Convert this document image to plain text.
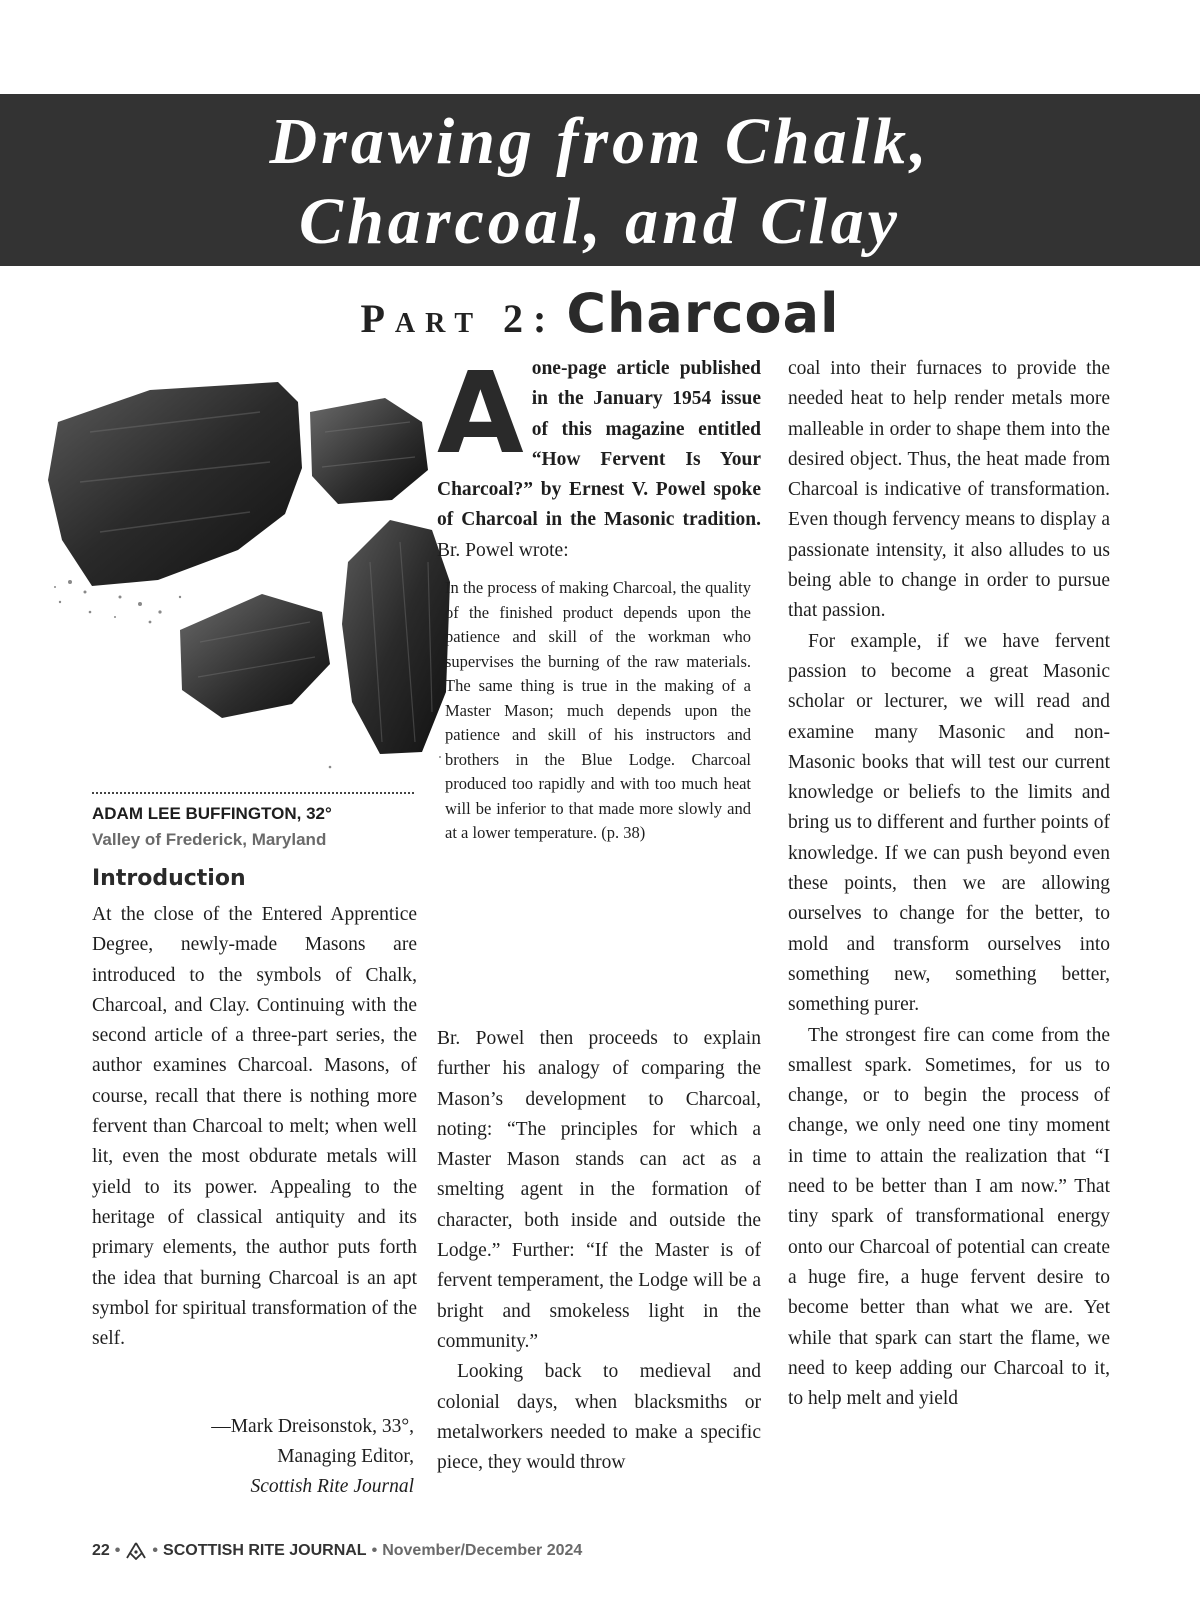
Drawing from Chalk,
Charcoal, and Clay
Part 2: Charcoal
ADAM LEE BUFFINGTON, 32°
Valley of Frederick, Maryland
Introduction
At the close of the Entered Apprentice Degree, newly-made Masons are introduced to the symbols of Chalk, Charcoal, and Clay. Continuing with the second article of a three-part series, the author examines Charcoal. Masons, of course, recall that there is nothing more fervent than Charcoal to melt; when well lit, even the most obdurate metals will yield to its power. Appealing to the heritage of classical antiquity and its primary elements, the author puts forth the idea that burning Charcoal is an apt symbol for spiritual transformation of the self.
—Mark Dreisonstok, 33°,
Managing Editor,
Scottish Rite Journal
A one-page article published in the January 1954 issue of this magazine entitled “How Fervent Is Your Charcoal?” by Ernest V. Powel spoke of Charcoal in the Masonic tradition. Br. Powel wrote:

In the process of making Charcoal, the quality of the finished product depends upon the patience and skill of the workman who supervises the burning of the raw materials. The same thing is true in the making of a Master Mason; much depends upon the patience and skill of his instructors and brothers in the Blue Lodge. Charcoal produced too rapidly and with too much heat will be inferior to that made more slowly and at a lower temperature. (p. 38)

Br. Powel then proceeds to explain further his analogy of comparing the Mason’s development to Charcoal, noting: “The principles for which a Master Mason stands can act as a smelting agent in the formation of character, both inside and outside the Lodge.” Further: “If the Master is of fervent temperament, the Lodge will be a bright and smokeless light in the community.”

Looking back to medieval and colonial days, when blacksmiths or metalworkers needed to make a specific piece, they would throw

coal into their furnaces to provide the needed heat to help render metals more malleable in order to shape them into the desired object. Thus, the heat made from Charcoal is indicative of transformation. Even though fervency means to display a passionate intensity, it also alludes to us being able to change in order to pursue that passion.

For example, if we have fervent passion to become a great Masonic scholar or lecturer, we will read and examine many Masonic and non-Masonic books that will test our current knowledge or beliefs to the limits and bring us to different and further points of knowledge. If we can push beyond even these points, then we are allowing ourselves to change for the better, to mold and transform ourselves into something new, something better, something purer.

The strongest fire can come from the smallest spark. Sometimes, for us to change, or to begin the process of change, we only need one tiny moment in time to attain the realization that “I need to be better than I am now.” That tiny spark of transformational energy onto our Charcoal of potential can create a huge fire, a huge fervent desire to become better than what we are. Yet while that spark can start the flame, we need to keep adding our Charcoal to it, to help melt and yield

22 • • SCOTTISH RITE JOURNAL • November/December 2024
